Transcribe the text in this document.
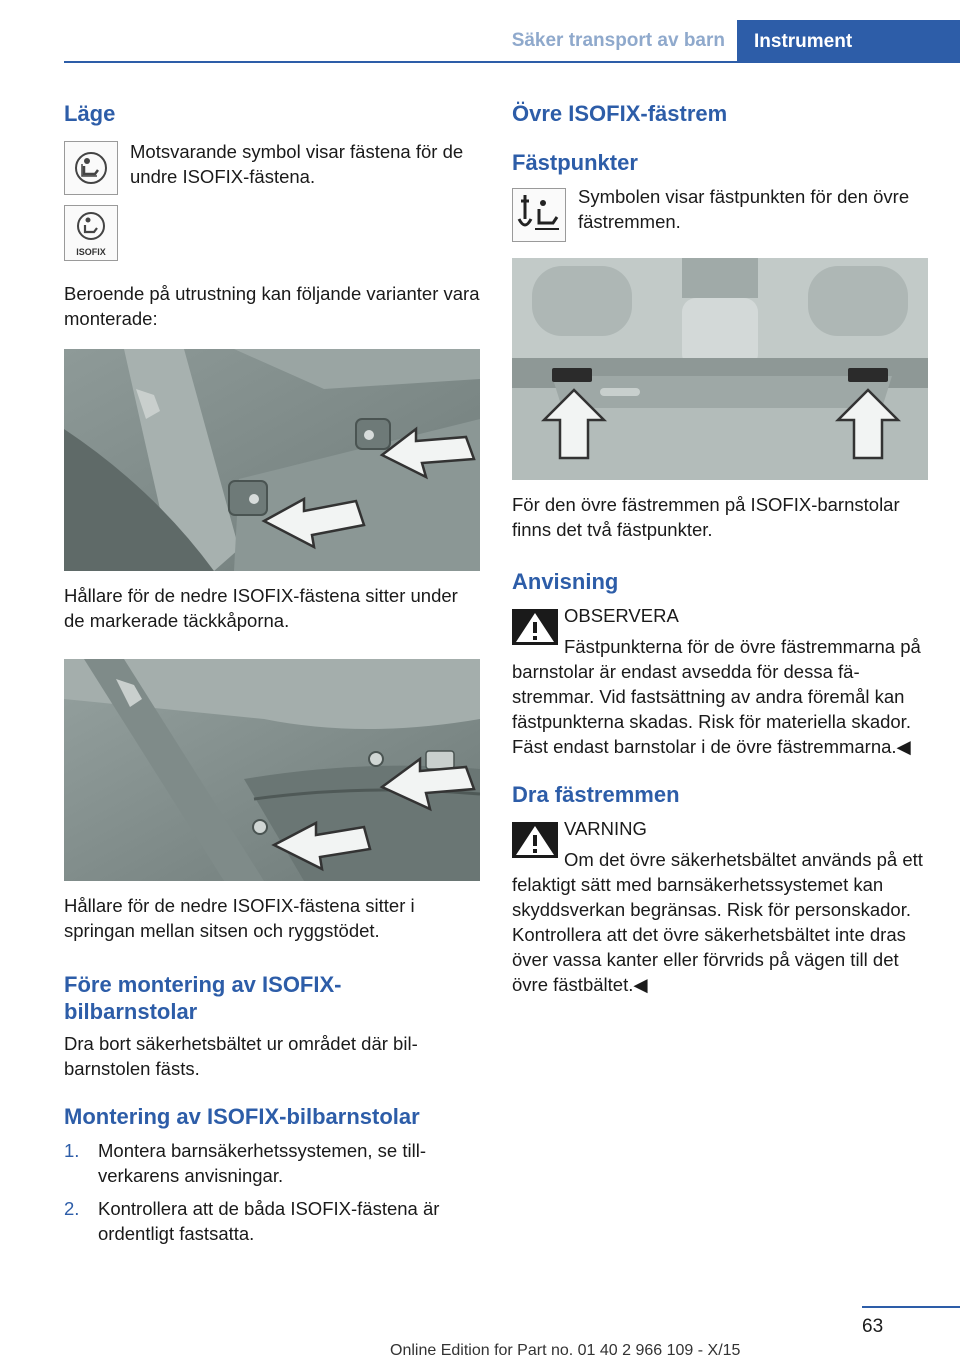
Säker transport av barn	Instrument
Läge
Motsvarande symbol visar fästena för de undre ISOFIX-fästena.
ISOFIX

Beroende på utrustning kan följande varianter vara monterade:

Hållare för de nedre ISOFIX-fästena sitter under de markerade täckkåporna.

Hållare för de nedre ISOFIX-fästena sitter i springan mellan sitsen och ryggstödet.

Före montering av ISOFIX-bilbarnstolar

Dra bort säkerhetsbältet ur området där bilbarnstolen fästs.

Montering av ISOFIX-bilbarnstolar
1. Montera barnsäkerhetssystemen, se tillverkarens anvisningar.
2. Kontrollera att de båda ISOFIX-fästena är ordentligt fastsatta.
Övre ISOFIX-fästrem
Fästpunkter
Symbolen visar fästpunkten för den övre fästremmen.

För den övre fästremmen på ISOFIX-barnstolar finns det två fästpunkter.

Anvisning
OBSERVERA

Fästpunkterna för de övre fästremmarna på barnstolar är endast avsedda för dessa fästremmar. Vid fastsättning av andra föremål kan fästpunkterna skadas. Risk för materiella skador. Fäst endast barnstolar i de övre fästremmarna.◀

Dra fästremmen
VARNING

Om det övre säkerhetsbältet används på ett felaktigt sätt med barnsäkerhetssystemet kan skyddsverkan begränsas. Risk för personskador. Kontrollera att det övre säkerhetsbältet inte dras över vassa kanter eller förvrids på vägen till det övre fästbältet.◀

63
Online Edition for Part no. 01 40 2 966 109 - X/15
